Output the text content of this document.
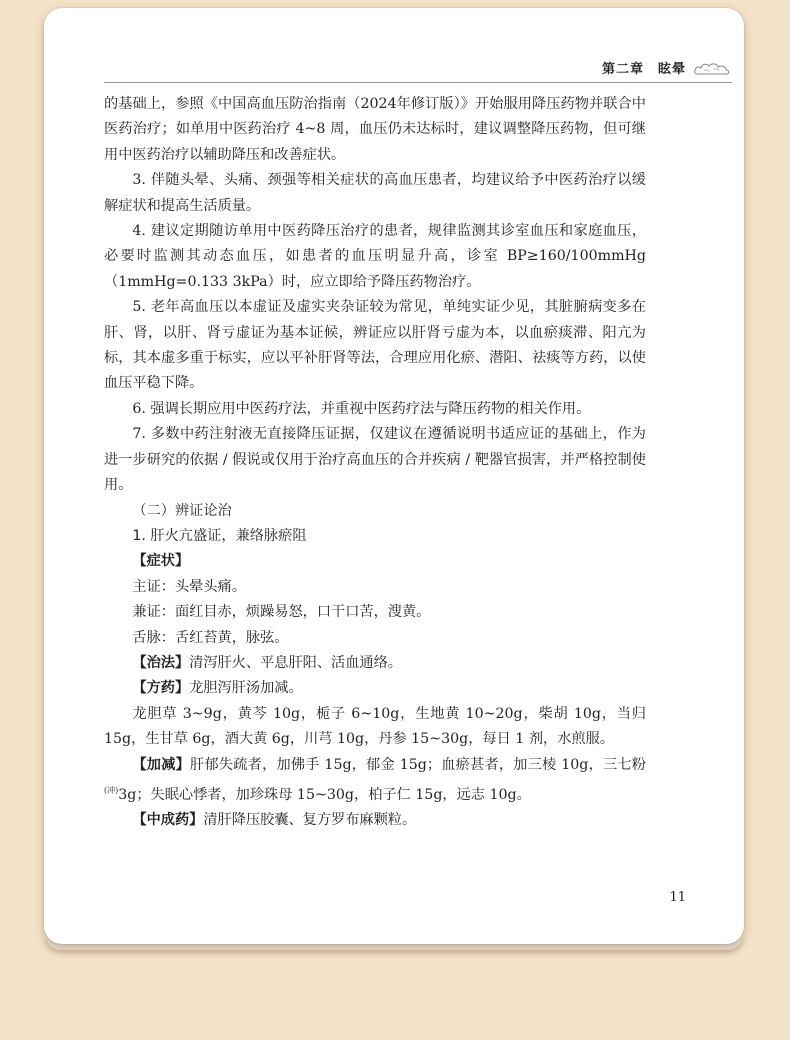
第二章　眩晕

的基础上，参照《中国高血压防治指南（2024年修订版）》开始服用降压药物并联合中医药治疗；如单用中医药治疗 4~8 周，血压仍未达标时，建议调整降压药物，但可继用中医药治疗以辅助降压和改善症状。

3. 伴随头晕、头痛、颈强等相关症状的高血压患者，均建议给予中医药治疗以缓解症状和提高生活质量。

4. 建议定期随访单用中医药降压治疗的患者，规律监测其诊室血压和家庭血压，必要时监测其动态血压，如患者的血压明显升高，诊室 BP≥160/100mmHg（1mmHg=0.133 3kPa）时，应立即给予降压药物治疗。

5. 老年高血压以本虚证及虚实夹杂证较为常见，单纯实证少见，其脏腑病变多在肝、肾，以肝、肾亏虚证为基本证候，辨证应以肝肾亏虚为本，以血瘀痰滞、阳亢为标，其本虚多重于标实，应以平补肝肾等法，合理应用化瘀、潜阳、祛痰等方药，以使血压平稳下降。

6. 强调长期应用中医药疗法，并重视中医药疗法与降压药物的相关作用。

7. 多数中药注射液无直接降压证据，仅建议在遵循说明书适应证的基础上，作为进一步研究的依据 / 假说或仅用于治疗高血压的合并疾病 / 靶器官损害，并严格控制使用。

（二）辨证论治

1. 肝火亢盛证，兼络脉瘀阻

【症状】

主证：头晕头痛。

兼证：面红目赤，烦躁易怒，口干口苦，溲黄。

舌脉：舌红苔黄，脉弦。

【治法】清泻肝火、平息肝阳、活血通络。

【方药】龙胆泻肝汤加减。

龙胆草 3~9g，黄芩 10g，栀子 6~10g，生地黄 10~20g，柴胡 10g，当归 15g，生甘草 6g，酒大黄 6g，川芎 10g，丹参 15~30g，每日 1 剂，水煎服。

【加减】肝郁失疏者，加佛手 15g，郁金 15g；血瘀甚者，加三棱 10g，三七粉$^{(冲)}$3g；失眠心悸者，加珍珠母 15~30g，柏子仁 15g，远志 10g。

【中成药】清肝降压胶囊、复方罗布麻颗粒。

11
